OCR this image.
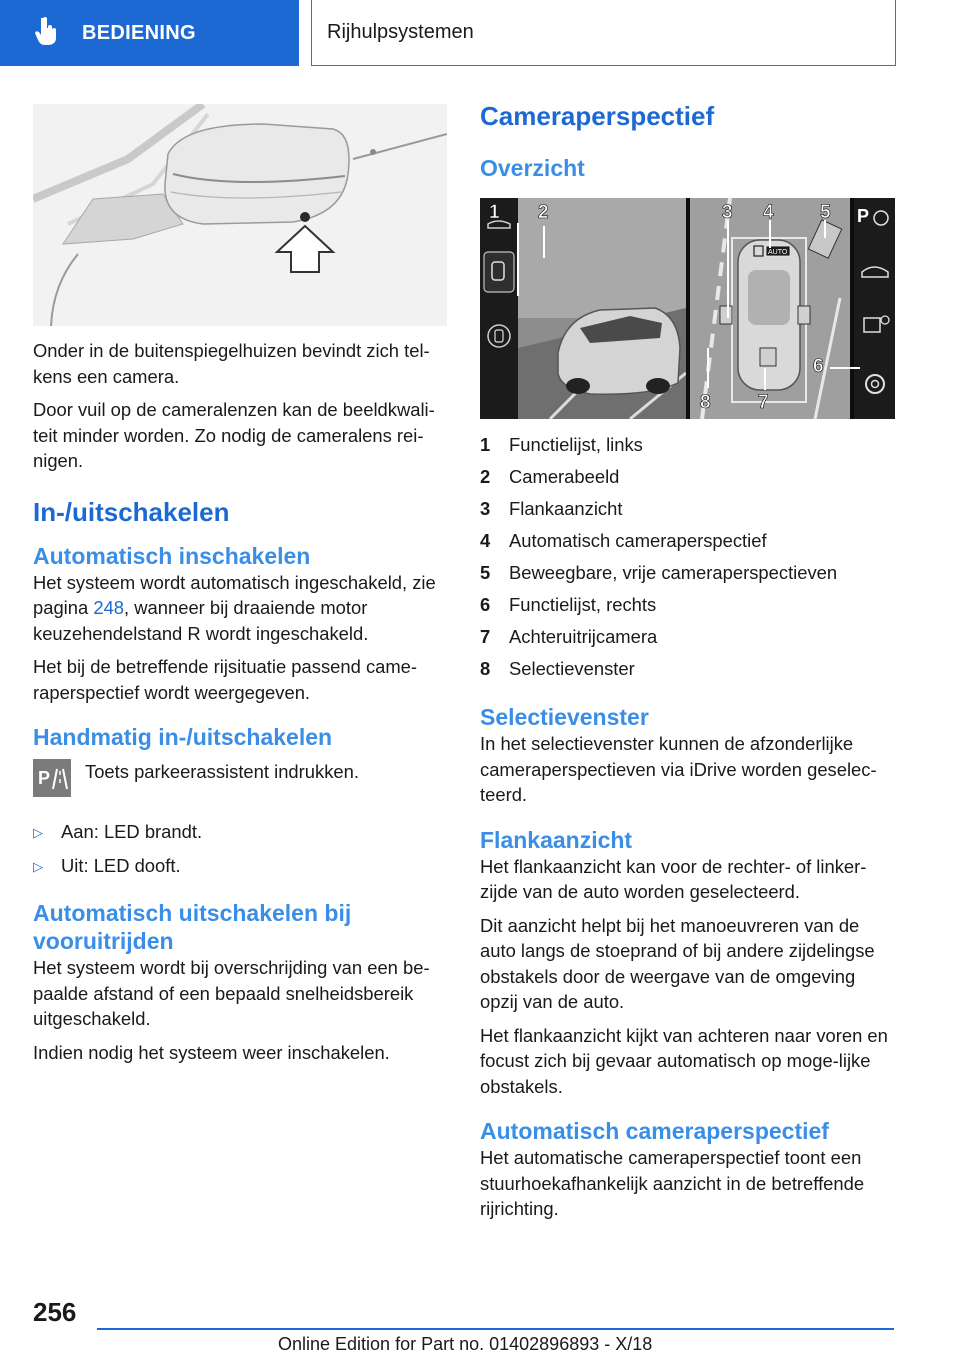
BEDIENING	Rijhulpsystemen

Onder in de buitenspiegelhuizen bevindt zich tel-kens een camera.

Door vuil op de cameralenzen kan de beeldkwali-teit minder worden. Zo nodig de cameralens rei-nigen.

In-/uitschakelen
Automatisch inschakelen

Het systeem wordt automatisch ingeschakeld, zie pagina 248, wanneer bij draaiende motor keuzehendelstand R wordt ingeschakeld.

Het bij de betreffende rijsituatie passend came-raperspectief wordt weergegeven.

Handmatig in-/uitschakelen
P Toets parkeerassistent indrukken.
▷ Aan: LED brandt.
▷ Uit: LED dooft.
Automatisch uitschakelen bij vooruitrijden

Het systeem wordt bij overschrijding van een be-paalde afstand of een bepaald snelheidsbereik uitgeschakeld.

Indien nodig het systeem weer inschakelen.

Cameraperspectief
Overzicht
AUTO
P
1 2	3 4 5
6
7
8
1	Functielijst, links
2	Camerabeeld
3	Flankaanzicht
4	Automatisch cameraperspectief
5	Beweegbare, vrije cameraperspectieven
6	Functielijst, rechts
7	Achteruitrijcamera
8	Selectievenster
Selectievenster

In het selectievenster kunnen de afzonderlijke cameraperspectieven via iDrive worden geselec-teerd.

Flankaanzicht

Het flankaanzicht kan voor de rechter- of linker-zijde van de auto worden geselecteerd.

Dit aanzicht helpt bij het manoeuvreren van de auto langs de stoeprand of bij andere zijdelingse obstakels door de weergave van de omgeving opzij van de auto.

Het flankaanzicht kijkt van achteren naar voren en focust zich bij gevaar automatisch op moge-lijke obstakels.

Automatisch cameraperspectief

Het automatische cameraperspectief toont een stuurhoekafhankelijk aanzicht in de betreffende rijrichting.

256
Online Edition for Part no. 01402896893 - X/18
